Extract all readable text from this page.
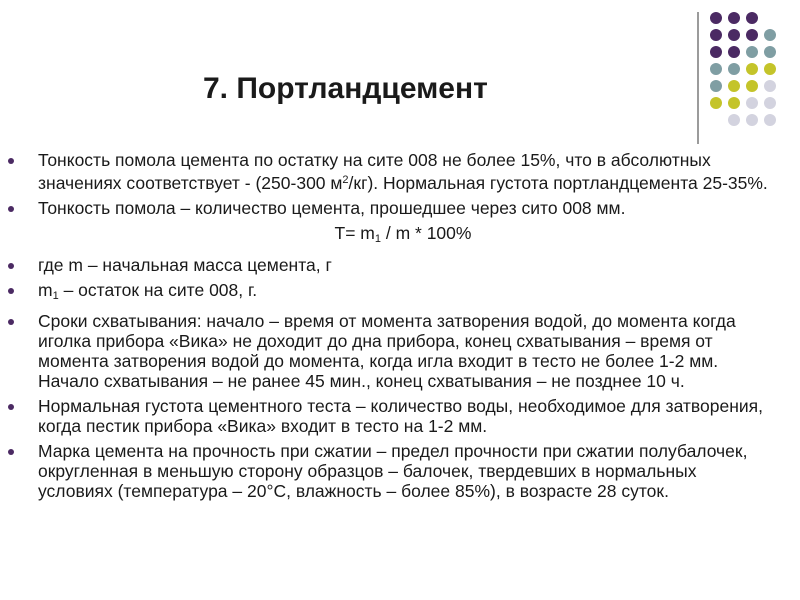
7. Портландцемент
Тонкость помола цемента по остатку на сите 008 не более 15%, что в абсолютных значениях соответствует - (250-300 $м^2/кг$). Нормальная густота портландцемента 25-35%.
Тонкость помола – количество цемента, прошедшее через сито 008 мм.
$T= m_1 / m * 100\%$
где m – начальная масса цемента, г
$m_1$ – остаток на сите 008, г.
Сроки схватывания: начало – время от момента затворения водой, до момента когда иголка прибора «Вика» не доходит до дна прибора, конец схватывания – время от момента затворения водой до момента, когда игла входит в тесто не более 1-2 мм. Начало схватывания – не ранее 45 мин., конец схватывания – не позднее 10 ч.
Нормальная густота цементного теста – количество воды, необходимое для затворения, когда пестик прибора «Вика» входит в тесто на 1-2 мм.
Марка цемента на прочность при сжатии – предел прочности при сжатии полубалочек, округленная в меньшую сторону образцов – балочек, твердевших в нормальных условиях (температура – 20°С, влажность – более 85%), в возрасте 28 суток.
